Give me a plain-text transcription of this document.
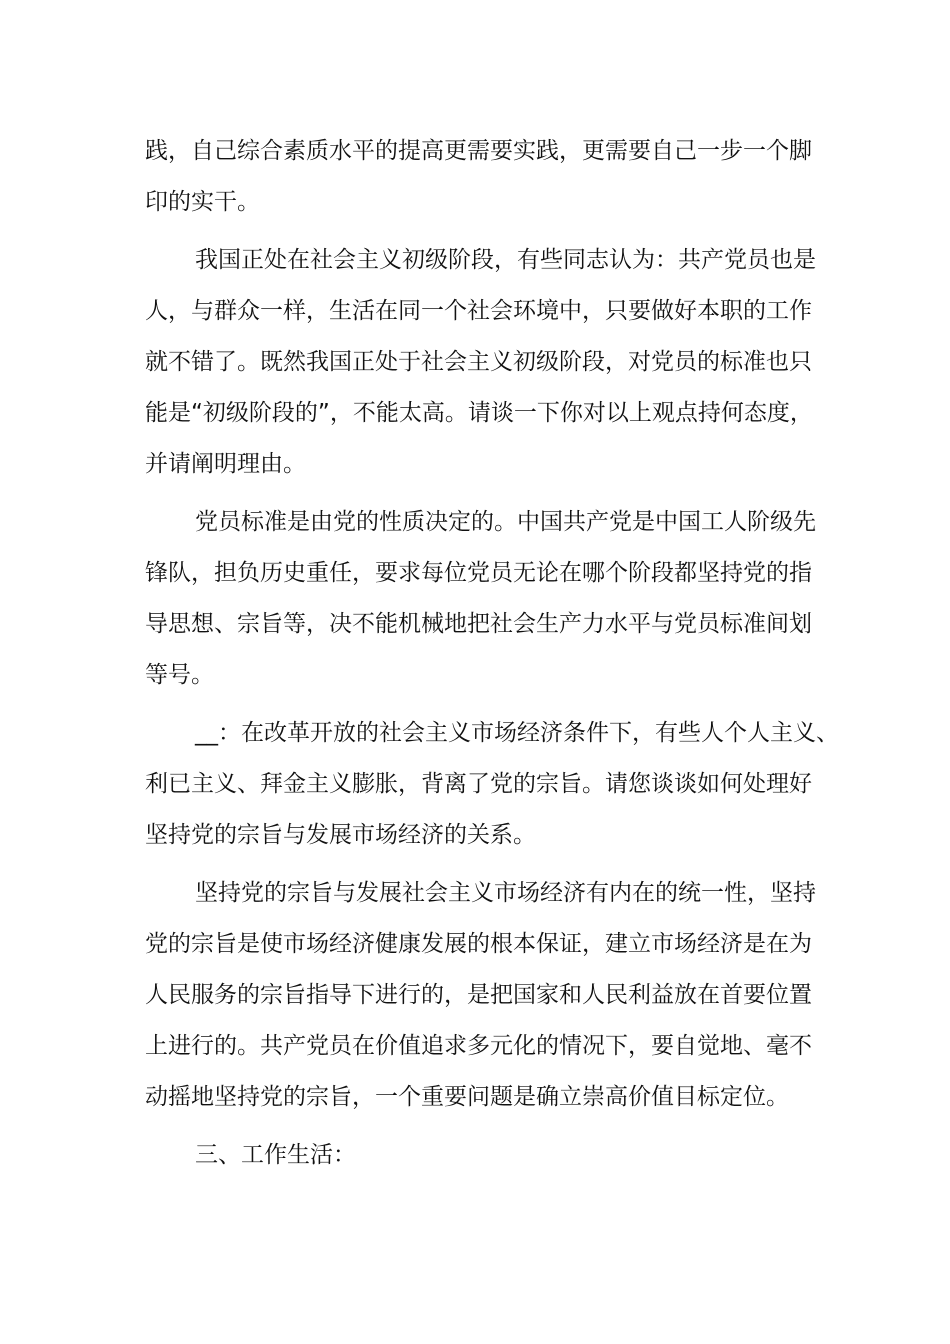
践，自己综合素质水平的提高更需要实践，更需要自己一步一个脚
印的实干。

我国正处在社会主义初级阶段，有些同志认为：共产党员也是
人，与群众一样，生活在同一个社会环境中，只要做好本职的工作
就不错了。既然我国正处于社会主义初级阶段，对党员的标准也只
能是“初级阶段的”，不能太高。请谈一下你对以上观点持何态度，
并请阐明理由。

党员标准是由党的性质决定的。中国共产党是中国工人阶级先
锋队，担负历史重任，要求每位党员无论在哪个阶段都坚持党的指
导思想、宗旨等，决不能机械地把社会生产力水平与党员标准间划
等号。

__：在改革开放的社会主义市场经济条件下，有些人个人主义、
利已主义、拜金主义膨胀，背离了党的宗旨。请您谈谈如何处理好
坚持党的宗旨与发展市场经济的关系。

坚持党的宗旨与发展社会主义市场经济有内在的统一性，坚持
党的宗旨是使市场经济健康发展的根本保证，建立市场经济是在为
人民服务的宗旨指导下进行的，是把国家和人民利益放在首要位置
上进行的。共产党员在价值追求多元化的情况下，要自觉地、毫不
动摇地坚持党的宗旨，一个重要问题是确立崇高价值目标定位。

三、工作生活：
